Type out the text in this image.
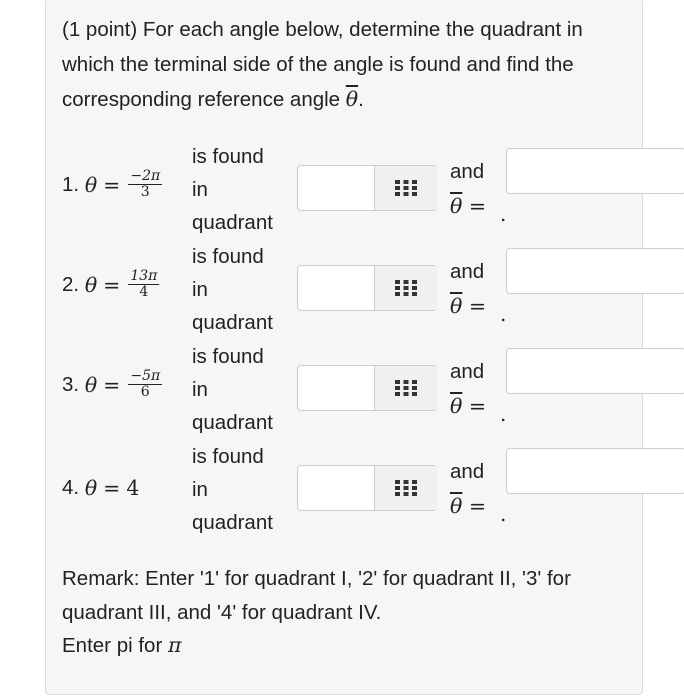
(1 point) For each angle below, determine the quadrant in which the terminal side of the angle is found and find the corresponding reference angle $\overline{\theta}$.
1.
$\theta = \frac{-2\pi}{3}$
is found
in
quadrant
and
$\overline{\theta}$ = .
2.
$\theta = \frac{13\pi}{4}$
is found
in
quadrant
and
$\overline{\theta}$ = .
3.
$\theta = \frac{-5\pi}{6}$
is found
in
quadrant
and
$\overline{\theta}$ = .
4.
θ = 4
is found
in
quadrant
and
$\overline{\theta}$ = .
Remark: Enter '1' for quadrant I, '2' for quadrant II, '3' for quadrant III, and '4' for quadrant IV.
Enter pi for π
